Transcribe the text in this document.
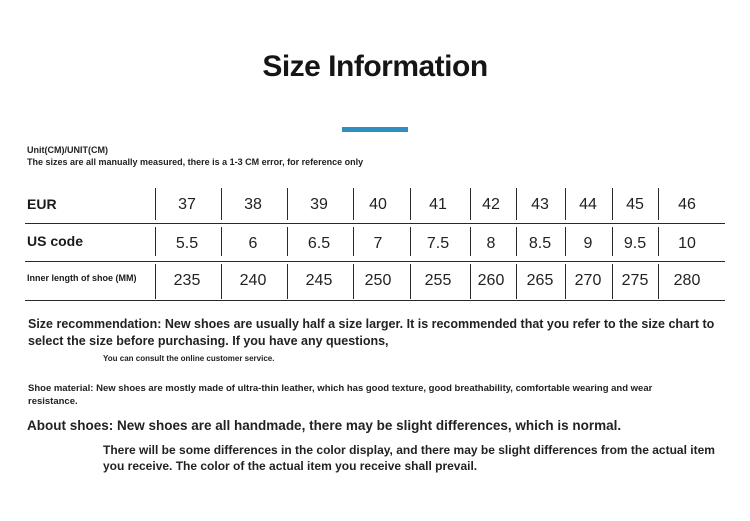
Size Information
Unit(CM)/UNIT(CM)
The sizes are all manually measured, there is a 1-3 CM error, for reference only
EUR	37	38	39	40	41	42	43	44	45	46
US code	5.5	6	6.5	7	7.5	8	8.5	9	9.5	10
Inner length of shoe (MM)	235	240	245	250	255	260	265	270	275	280
Size recommendation: New shoes are usually half a size larger. It is recommended that you refer to the size chart to select the size before purchasing. If you have any questions,
You can consult the online customer service.
Shoe material: New shoes are mostly made of ultra-thin leather, which has good texture, good breathability, comfortable wearing and wear resistance.
About shoes: New shoes are all handmade, there may be slight differences, which is normal.
There will be some differences in the color display, and there may be slight differences from the actual item you receive. The color of the actual item you receive shall prevail.
